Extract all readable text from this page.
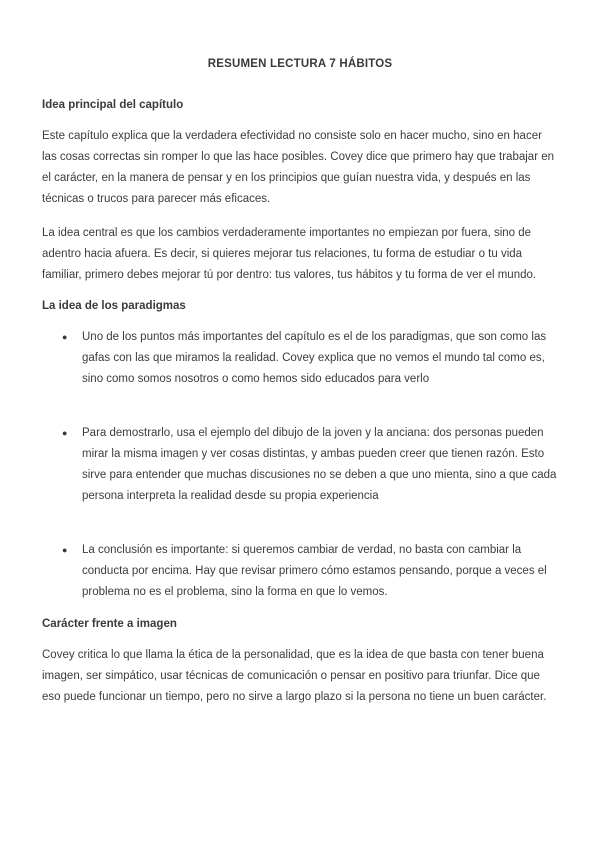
RESUMEN LECTURA 7 HÁBITOS
Idea principal del capítulo

Este capítulo explica que la verdadera efectividad no consiste solo en hacer mucho, sino en hacer las cosas correctas sin romper lo que las hace posibles. Covey dice que primero hay que trabajar en el carácter, en la manera de pensar y en los principios que guían nuestra vida, y después en las técnicas o trucos para parecer más eficaces.

La idea central es que los cambios verdaderamente importantes no empiezan por fuera, sino de adentro hacia afuera. Es decir, si quieres mejorar tus relaciones, tu forma de estudiar o tu vida familiar, primero debes mejorar tú por dentro: tus valores, tus hábitos y tu forma de ver el mundo.

La idea de los paradigmas
● Uno de los puntos más importantes del capítulo es el de los paradigmas, que son como las gafas con las que miramos la realidad. Covey explica que no vemos el mundo tal como es, sino como somos nosotros o como hemos sido educados para verlo
● Para demostrarlo, usa el ejemplo del dibujo de la joven y la anciana: dos personas pueden mirar la misma imagen y ver cosas distintas, y ambas pueden creer que tienen razón. Esto sirve para entender que muchas discusiones no se deben a que uno mienta, sino a que cada persona interpreta la realidad desde su propia experiencia
● La conclusión es importante: si queremos cambiar de verdad, no basta con cambiar la conducta por encima. Hay que revisar primero cómo estamos pensando, porque a veces el problema no es el problema, sino la forma en que lo vemos.
Carácter frente a imagen

Covey critica lo que llama la ética de la personalidad, que es la idea de que basta con tener buena imagen, ser simpático, usar técnicas de comunicación o pensar en positivo para triunfar. Dice que eso puede funcionar un tiempo, pero no sirve a largo plazo si la persona no tiene un buen carácter.
